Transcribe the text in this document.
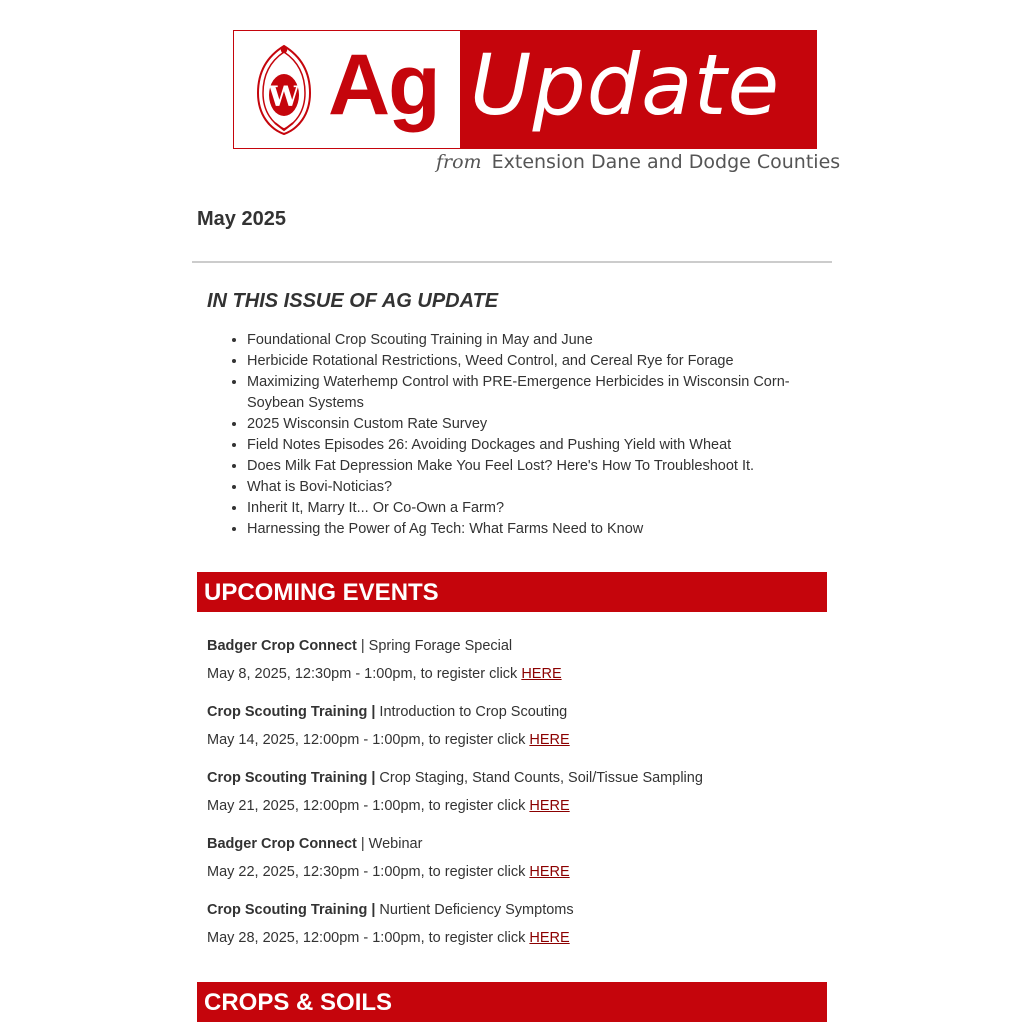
W Ag Update
from Extension Dane and Dodge Counties
May 2025
IN THIS ISSUE OF AG UPDATE
• Foundational Crop Scouting Training in May and June
• Herbicide Rotational Restrictions, Weed Control, and Cereal Rye for Forage
• Maximizing Waterhemp Control with PRE-Emergence Herbicides in Wisconsin Corn-Soybean Systems
• 2025 Wisconsin Custom Rate Survey
• Field Notes Episodes 26: Avoiding Dockages and Pushing Yield with Wheat
• Does Milk Fat Depression Make You Feel Lost? Here's How To Troubleshoot It.
• What is Bovi-Noticias?
• Inherit It, Marry It... Or Co-Own a Farm?
• Harnessing the Power of Ag Tech: What Farms Need to Know
UPCOMING EVENTS
Badger Crop Connect | Spring Forage Special
May 8, 2025, 12:30pm - 1:00pm, to register click HERE
Crop Scouting Training | Introduction to Crop Scouting
May 14, 2025, 12:00pm - 1:00pm, to register click HERE
Crop Scouting Training | Crop Staging, Stand Counts, Soil/Tissue Sampling
May 21, 2025, 12:00pm - 1:00pm, to register click HERE
Badger Crop Connect | Webinar
May 22, 2025, 12:30pm - 1:00pm, to register click HERE
Crop Scouting Training | Nurtient Deficiency Symptoms
May 28, 2025, 12:00pm - 1:00pm, to register click HERE
CROPS & SOILS
